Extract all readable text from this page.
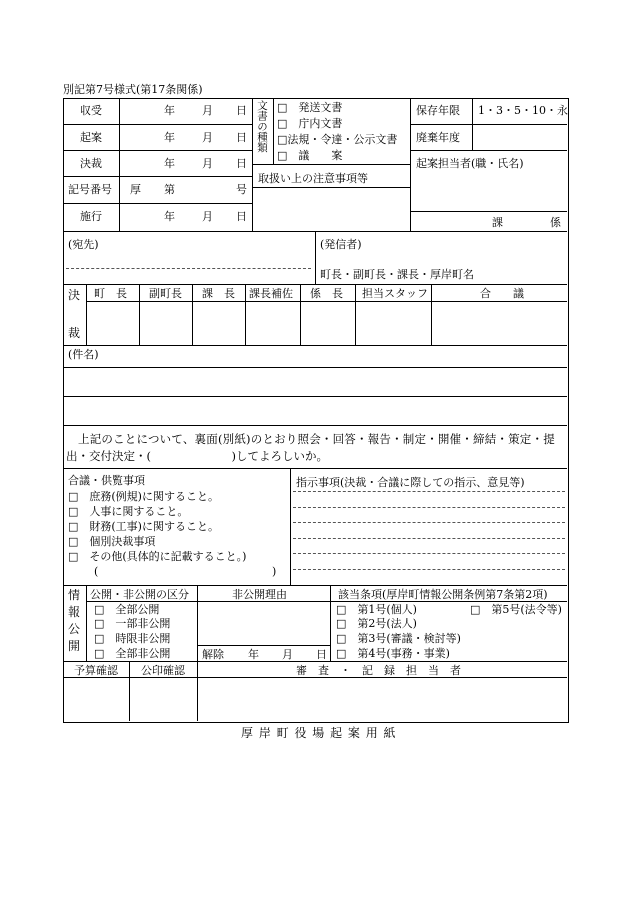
別記第7号様式(第17条関係)
収受	年 月 日
起案	年 月 日
決裁	年 月 日
記号番号 厚 第	号
施行	年 月 日
文書の種類 □　発送文書
□　庁内文書
□法規・令達・公示文書
□　議　　案
取扱い上の注意事項等
保存年限 1・3・5・10・永
廃棄年度
起案担当者(職・氏名)
課	係
(宛先)	(発信者)
町長・副町長・課長・厚岸町名
決
裁
町　長 副町長 課　長 課長補佐 係　長 担当スタッフ	合　　議
(件名)
上記のことについて、裏面(別紙)のとおり照会・回答・報告・制定・開催・締結・策定・提
出・交付決定・(　　　　　　　)してよろしいか。
合議・供覧事項
□　庶務(例規)に関すること。
□　人事に関すること。
□　財務(工事)に関すること。
□　個別決裁事項
□　その他(具体的に記載すること。)
(	)
指示事項(決裁・合議に際しての指示、意見等)
情
報
公
開
公開・非公開の区分
□　全部公開
□　一部非公開
□　時限非公開
□　全部非公開
非公開理由
解除 年 月 日
該当条項(厚岸町情報公開条例第7条第2項)
□　第1号(個人)
□　第2号(法人)
□　第3号(審議・検討等)
□　第4号(事務・事業)
□　第5号(法令等)
予算確認 公印確認	審　査　・　記　録　担　当　者
厚 岸 町 役 場 起 案 用 紙
